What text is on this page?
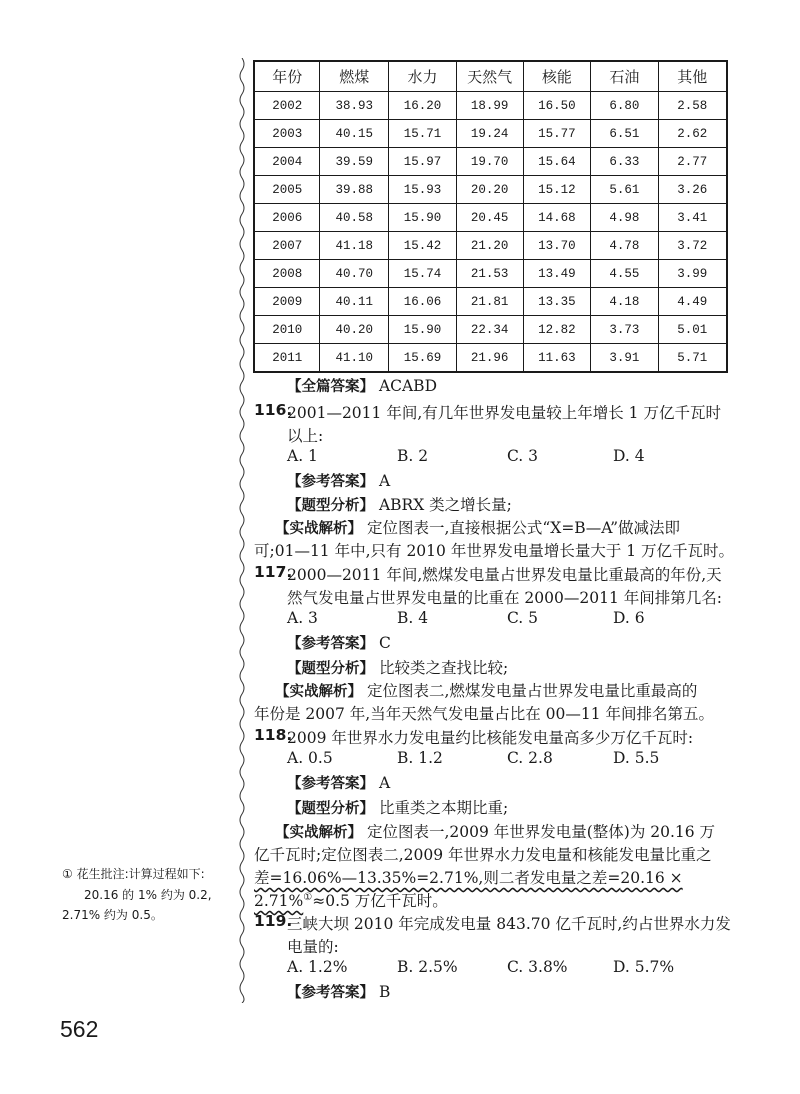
年份	燃煤	水力	天然气	核能	石油	其他
2002	38.93	16.20	18.99	16.50	6.80	2.58
2003	40.15	15.71	19.24	15.77	6.51	2.62
2004	39.59	15.97	19.70	15.64	6.33	2.77
2005	39.88	15.93	20.20	15.12	5.61	3.26
2006	40.58	15.90	20.45	14.68	4.98	3.41
2007	41.18	15.42	21.20	13.70	4.78	3.72
2008	40.70	15.74	21.53	13.49	4.55	3.99
2009	40.11	16.06	21.81	13.35	4.18	4.49
2010	40.20	15.90	22.34	12.82	3.73	5.01
2011	41.10	15.69	21.96	11.63	3.91	5.71
【全篇答案】 ACABD
116.
2001—2011 年间,有几年世界发电量较上年增长 1 万亿千瓦时
以上:
A. 1	B. 2	C. 3	D. 4
【参考答案】 A
【题型分析】 ABRX 类之增长量;
【实战解析】 定位图表一,直接根据公式“X=B—A”做减法即
可;01—11 年中,只有 2010 年世界发电量增长量大于 1 万亿千瓦时。
117.
2000—2011 年间,燃煤发电量占世界发电量比重最高的年份,天
然气发电量占世界发电量的比重在 2000—2011 年间排第几名:
A. 3	B. 4	C. 5	D. 6
【参考答案】 C
【题型分析】 比较类之查找比较;
【实战解析】 定位图表二,燃煤发电量占世界发电量比重最高的
年份是 2007 年,当年天然气发电量占比在 00—11 年间排名第五。
118.
2009 年世界水力发电量约比核能发电量高多少万亿千瓦时:
A. 0.5	B. 1.2	C. 2.8	D. 5.5
【参考答案】 A
【题型分析】 比重类之本期比重;
【实战解析】 定位图表一,2009 年世界发电量(整体)为 20.16 万
亿千瓦时;定位图表二,2009 年世界水力发电量和核能发电量比重之
差=16.06%—13.35%=2.71%,则二者发电量之差=20.16 ×
2.71%①≈0.5 万亿千瓦时。
① 花生批注:计算过程如下:
20.16 的 1% 约为 0.2,
2.71% 约为 0.5。	119.
三峡大坝 2010 年完成发电量 843.70 亿千瓦时,约占世界水力发
电量的:
A. 1.2%	B. 2.5%	C. 3.8%	D. 5.7%
【参考答案】 B
562
